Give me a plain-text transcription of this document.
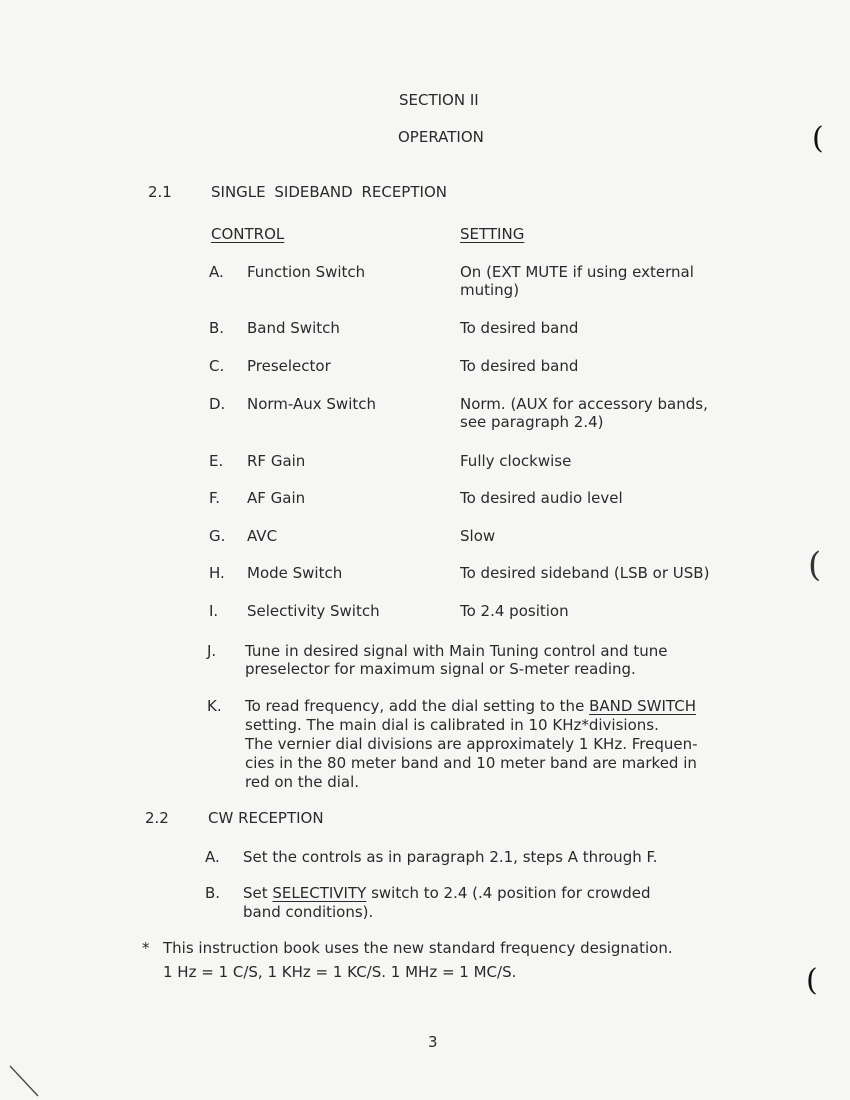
SECTION II
OPERATION
2.1	SINGLE SIDEBAND RECEPTION
CONTROL	SETTING
A. Function Switch	On (EXT MUTE if using external
muting)
B. Band Switch	To desired band
C. Preselector	To desired band
D. Norm-Aux Switch	Norm. (AUX for accessory bands,
see paragraph 2.4)
E. RF Gain	Fully clockwise
F. AF Gain	To desired audio level
G. AVC	Slow
H. Mode Switch	To desired sideband (LSB or USB)
I. Selectivity Switch	To 2.4 position
J. Tune in desired signal with Main Tuning control and tune
preselector for maximum signal or S-meter reading.
K. To read frequency, add the dial setting to the BAND SWITCH
setting. The main dial is calibrated in 10 KHz*divisions.
The vernier dial divisions are approximately 1 KHz. Frequen-
cies in the 80 meter band and 10 meter band are marked in
red on the dial.
2.2	CW RECEPTION
A. Set the controls as in paragraph 2.1, steps A through F.
B. Set SELECTIVITY switch to 2.4 (.4 position for crowded
band conditions).
* This instruction book uses the new standard frequency designation.
1 Hz = 1 C/S, 1 KHz = 1 KC/S. 1 MHz = 1 MC/S.
3
(
(
(
